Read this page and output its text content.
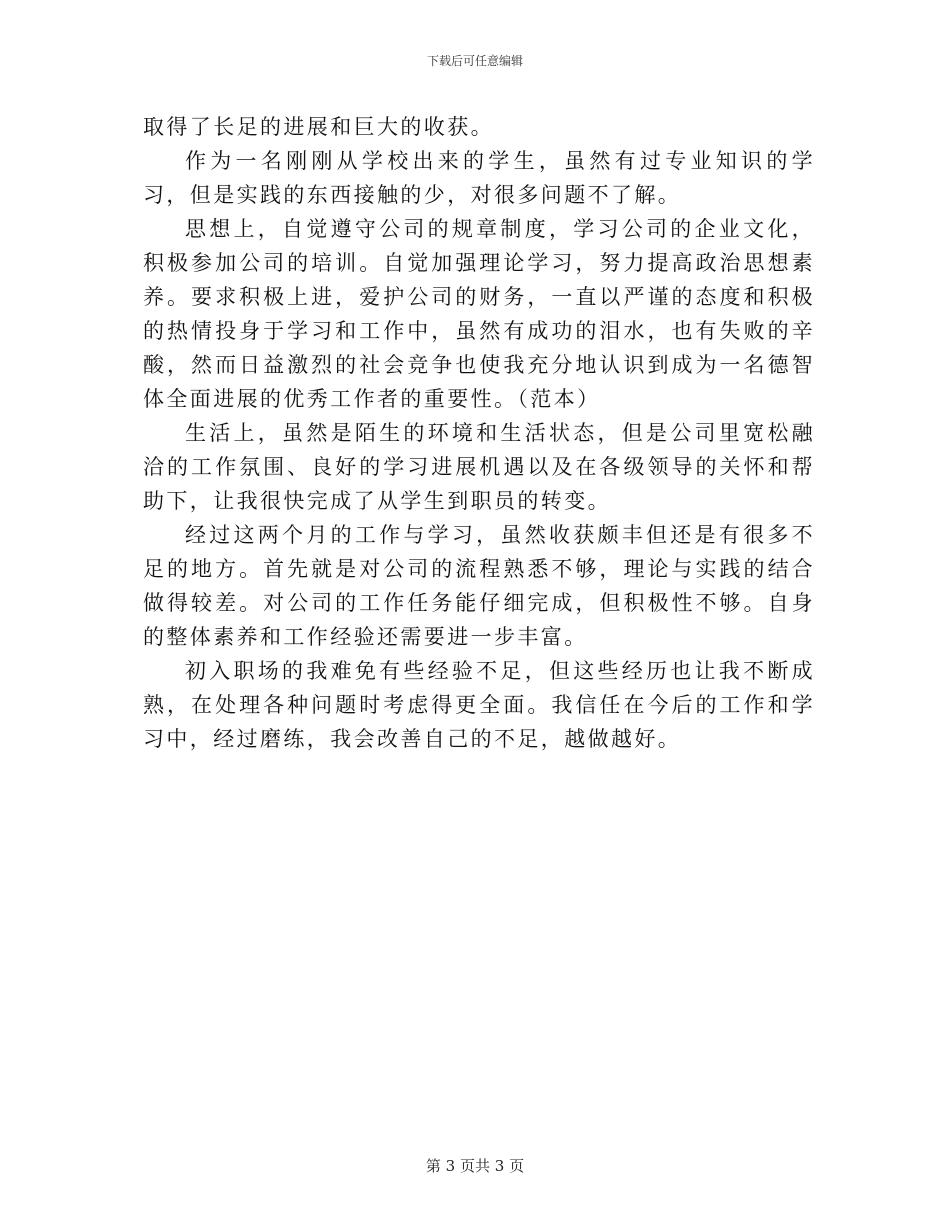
下载后可任意编辑

取得了长足的进展和巨大的收获。

作为一名刚刚从学校出来的学生，虽然有过专业知识的学习，但是实践的东西接触的少，对很多问题不了解。

思想上，自觉遵守公司的规章制度，学习公司的企业文化，积极参加公司的培训。自觉加强理论学习，努力提高政治思想素养。要求积极上进，爱护公司的财务，一直以严谨的态度和积极的热情投身于学习和工作中，虽然有成功的泪水，也有失败的辛酸，然而日益激烈的社会竞争也使我充分地认识到成为一名德智体全面进展的优秀工作者的重要性。（范本）

生活上，虽然是陌生的环境和生活状态，但是公司里宽松融洽的工作氛围、良好的学习进展机遇以及在各级领导的关怀和帮助下，让我很快完成了从学生到职员的转变。

经过这两个月的工作与学习，虽然收获颇丰但还是有很多不足的地方。首先就是对公司的流程熟悉不够，理论与实践的结合做得较差。对公司的工作任务能仔细完成，但积极性不够。自身的整体素养和工作经验还需要进一步丰富。

初入职场的我难免有些经验不足，但这些经历也让我不断成熟，在处理各种问题时考虑得更全面。我信任在今后的工作和学习中，经过磨练，我会改善自己的不足，越做越好。

第 3 页共 3 页
